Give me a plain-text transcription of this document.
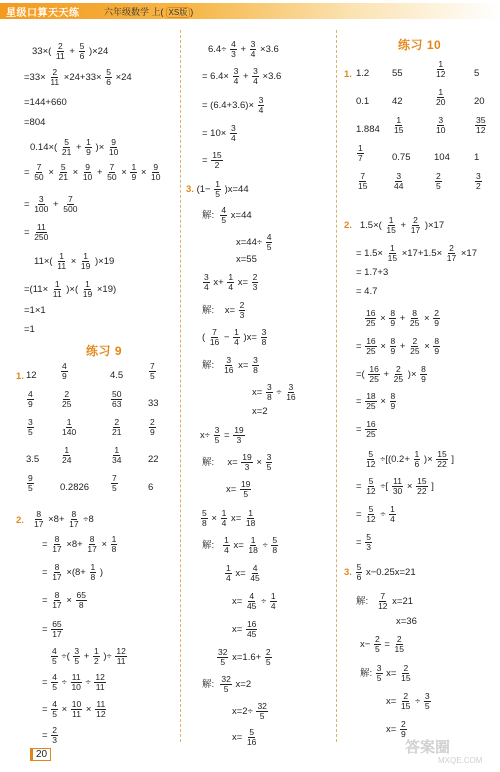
星级口算天天练	六年级数学 上( XS版 )
$33\times( \frac{2}{11} + \frac{5}{6} )\times 24$
$=33\times \frac{2}{11} \times 24+33\times \frac{5}{6} \times 24$
=144+660
=804
$0.14\times( \frac{5}{21} + \frac{1}{9}$ )× $\frac{9}{10}$
= $\frac{7}{50} \times \frac{5}{21} \times \frac{9}{10} + \frac{7}{50} \times \frac{1}{9} \times \frac{9}{10}$
= $\frac{3}{100} + \frac{7}{500}$
= $\frac{11}{250}$
$11\times( \frac{1}{11} \times \frac{1}{19} )\times 19$
$=(11\times \frac{1}{11}$ )×( $\frac{1}{19} \times 19$)
=1×1
=1
练习 9
1. 12	$\frac{4}{9}$	4.5	$\frac{7}{5}$
$\frac{4}{9}$	$\frac{2}{25}$	$\frac{50}{63}$	33
$\frac{3}{5}$	$\frac{1}{140}$	$\frac{2}{21}$	$\frac{2}{9}$
3.5	$\frac{1}{24}$	$\frac{1}{34}$	22
$\frac{9}{5}$	0.2826	$\frac{7}{5}$	6
2. $\frac{8}{17} \times 8+ \frac{8}{17} \div 8$
= $\frac{8}{17} \times 8+ \frac{8}{17} \times \frac{1}{8}$
= $\frac{8}{17} \times(8+ \frac{1}{8}$ )
= $\frac{8}{17} \times \frac{65}{8}$
= $\frac{65}{17}$
$\frac{4}{5}$ ÷( $\frac{3}{5} + \frac{1}{2}$ )÷ $\frac{12}{11}$
= $\frac{4}{5} \div \frac{11}{10} \div \frac{12}{11}$
= $\frac{4}{5} \times \frac{10}{11} \times \frac{11}{12}$
= $\frac{2}{3}$
$6.4\div \frac{4}{3} + \frac{3}{4} \times 3.6$
= $6.4\times \frac{3}{4} + \frac{3}{4} \times 3.6$
= $(6.4+3.6)\times \frac{3}{4}$
= $10\times \frac{3}{4}$
= $\frac{15}{2}$
3. $(1- \frac{1}{5} )x=44$
解: $\frac{4}{5} x=44$
$x=44\div \frac{4}{5}$
x=55
$\frac{3}{4} x+ \frac{1}{4} x= \frac{2}{3}$
解: $x= \frac{2}{3}$
( $\frac{7}{16} - \frac{1}{4} )x= \frac{3}{8}$
解: $\frac{3}{16} x= \frac{3}{8}$
$x= \frac{3}{8} \div \frac{3}{16}$
x=2
$x\div \frac{3}{5} = \frac{19}{3}$
解: $x= \frac{19}{3} \times \frac{3}{5}$
$x= \frac{19}{5}$
$\frac{5}{8} \times \frac{1}{4} x= \frac{1}{18}$
解: $\frac{1}{4} x= \frac{1}{18} \div \frac{5}{8}$
$\frac{1}{4} x= \frac{4}{45}$
$x= \frac{4}{45} \div \frac{1}{4}$
$x= \frac{16}{45}$
$\frac{32}{5} x=1.6+ \frac{2}{5}$
解: $\frac{32}{5} x=2$
$x=2\div \frac{32}{5}$
$x= \frac{5}{16}$
练习 10
1. 1.2 55	$\frac{1}{12}$	5
0.1 42	$\frac{1}{20}$	20
$1.884 \frac{1}{15}$	$\frac{3}{10}$	$\frac{35}{12}$
$\frac{1}{7}$	0.75 104	1
$\frac{7}{15}$	$\frac{3}{44}$	$\frac{2}{5}$	$\frac{3}{2}$
2. $1.5\times( \frac{1}{15} + \frac{2}{17} )\times 17$
= $1.5\times \frac{1}{15} \times 17+1.5\times \frac{2}{17} \times 17$
= 1.7+3
= 4.7
$\frac{16}{25} \times \frac{8}{9} + \frac{8}{25} \times \frac{2}{9}$
= $\frac{16}{25} \times \frac{8}{9} + \frac{2}{25} \times \frac{8}{9}$
=( $\frac{16}{25} + \frac{2}{25}$ )× $\frac{8}{9}$
= $\frac{18}{25} \times \frac{8}{9}$
= $\frac{16}{25}$
$\frac{5}{12} \div[(0.2+ \frac{1}{6}$ )× $\frac{15}{22}$ ]
= $\frac{5}{12}$ ÷[ $\frac{11}{30} \times \frac{15}{22}$ ]
= $\frac{5}{12} \div \frac{1}{4}$
= $\frac{5}{3}$
3. $\frac{5}{6} x-0.25x=21$
解: $\frac{7}{12} x=21$
x=36
$x- \frac{2}{5} = \frac{2}{15}$
解: $\frac{3}{5} x= \frac{2}{15}$
$x= \frac{2}{15} \div \frac{3}{5}$
$x= \frac{2}{9}$
20	答案圈
MXQE.COM
